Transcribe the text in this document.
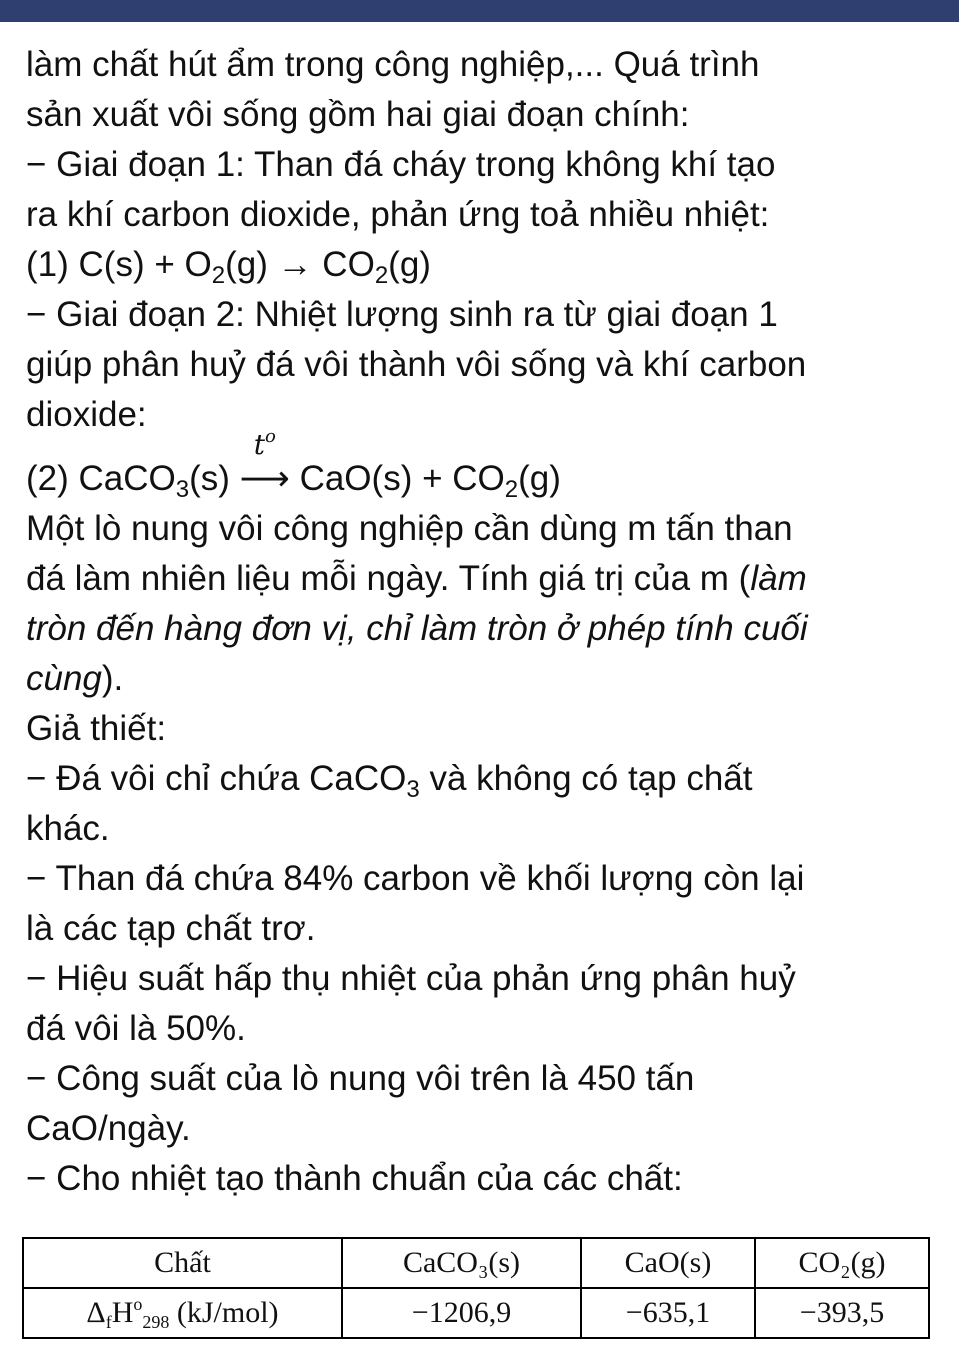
làm chất hút ẩm trong công nghiệp,... Quá trình
sản xuất vôi sống gồm hai giai đoạn chính:
− Giai đoạn 1: Than đá cháy trong không khí tạo
ra khí carbon dioxide, phản ứng toả nhiều nhiệt:
(1) $C(s) + O_2(g) \to CO_2(g)$
− Giai đoạn 2: Nhiệt lượng sinh ra từ giai đoạn 1
giúp phân huỷ đá vôi thành vôi sống và khí carbon
dioxide:
(2) CaCO$_3$(s)
$t^o$
⟶ $CaO(s) + CO_2(g)$
Một lò nung vôi công nghiệp cần dùng m tấn than
đá làm nhiên liệu mỗi ngày. Tính giá trị của m (làm
tròn đến hàng đơn vị, chỉ làm tròn ở phép tính cuối
cùng).
Giả thiết:
− Đá vôi chỉ chứa CaCO$_3$ và không có tạp chất
khác.
− Than đá chứa 84% carbon về khối lượng còn lại
là các tạp chất trơ.
− Hiệu suất hấp thụ nhiệt của phản ứng phân huỷ
đá vôi là 50%.
− Công suất của lò nung vôi trên là 450 tấn
CaO/ngày.
− Cho nhiệt tạo thành chuẩn của các chất:
Chất	CaCO₃(s)	CaO(s)	CO₂(g)
$\Delta_fH^o_{298}$ (kJ/mol)	−1206,9	−635,1	−393,5
